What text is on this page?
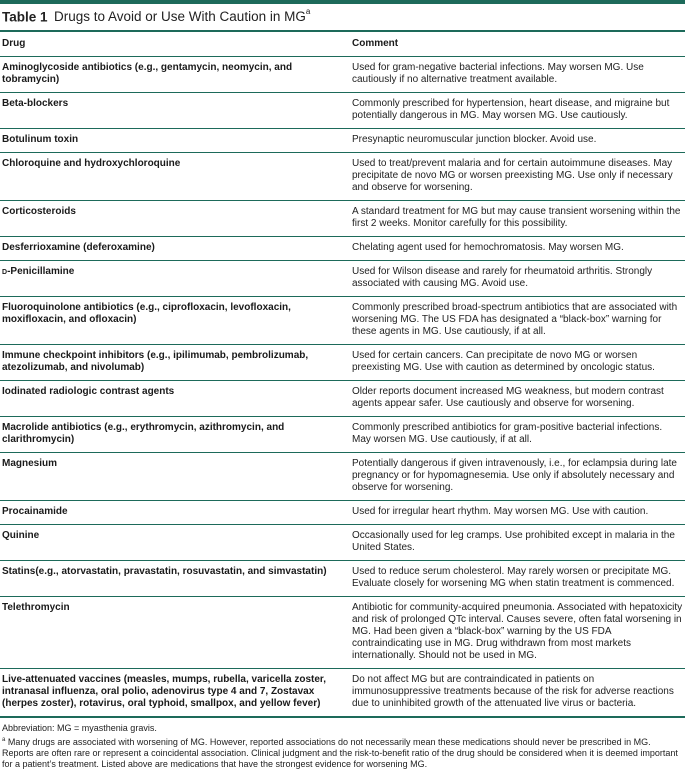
Table 1 Drugs to Avoid or Use With Caution in $MG^a$
Drug	Comment
Aminoglycoside antibiotics (e.g., gentamycin, neomycin, and tobramycin)	Used for gram-negative bacterial infections. May worsen MG. Use cautiously if no alternative treatment available.
Beta-blockers	Commonly prescribed for hypertension, heart disease, and migraine but potentially dangerous in MG. May worsen MG. Use cautiously.
Botulinum toxin	Presynaptic neuromuscular junction blocker. Avoid use.
Chloroquine and hydroxychloroquine	Used to treat/prevent malaria and for certain autoimmune diseases. May precipitate de novo MG or worsen preexisting MG. Use only if necessary and observe for worsening.
Corticosteroids	A standard treatment for MG but may cause transient worsening within the first 2 weeks. Monitor carefully for this possibility.
Desferrioxamine (deferoxamine)	Chelating agent used for hemochromatosis. May worsen MG.
d-Penicillamine	Used for Wilson disease and rarely for rheumatoid arthritis. Strongly associated with causing MG. Avoid use.
Fluoroquinolone antibiotics (e.g., ciprofloxacin, levofloxacin, moxifloxacin, and ofloxacin)	Commonly prescribed broad-spectrum antibiotics that are associated with worsening MG. The US FDA has designated a “black-box” warning for these agents in MG. Use cautiously, if at all.
Immune checkpoint inhibitors (e.g., ipilimumab, pembrolizumab, atezolizumab, and nivolumab)	Used for certain cancers. Can precipitate de novo MG or worsen preexisting MG. Use with caution as determined by oncologic status.
Iodinated radiologic contrast agents	Older reports document increased MG weakness, but modern contrast agents appear safer. Use cautiously and observe for worsening.
Macrolide antibiotics (e.g., erythromycin, azithromycin, and clarithromycin)	Commonly prescribed antibiotics for gram-positive bacterial infections. May worsen MG. Use cautiously, if at all.
Magnesium	Potentially dangerous if given intravenously, i.e., for eclampsia during late pregnancy or for hypomagnesemia. Use only if absolutely necessary and observe for worsening.
Procainamide	Used for irregular heart rhythm. May worsen MG. Use with caution.
Quinine	Occasionally used for leg cramps. Use prohibited except in malaria in the United States.
Statins(e.g., atorvastatin, pravastatin, rosuvastatin, and simvastatin)	Used to reduce serum cholesterol. May rarely worsen or precipitate MG. Evaluate closely for worsening MG when statin treatment is commenced.
Telethromycin	Antibiotic for community-acquired pneumonia. Associated with hepatoxicity and risk of prolonged QTc interval. Causes severe, often fatal worsening in MG. Had been given a “black-box” warning by the US FDA contraindicating use in MG. Drug withdrawn from most markets internationally. Should not be used in MG.
Live-attenuated vaccines (measles, mumps, rubella, varicella zoster, intranasal influenza, oral polio, adenovirus type 4 and 7, Zostavax (herpes zoster), rotavirus, oral typhoid, smallpox, and yellow fever)	Do not affect MG but are contraindicated in patients on immunosuppressive treatments because of the risk for adverse reactions due to uninhibited growth of the attenuated live virus or bacteria.
Abbreviation: MG = myasthenia gravis.
$^a$ Many drugs are associated with worsening of MG. However, reported associations do not necessarily mean these medications should never be prescribed in MG. Reports are often rare or represent a coincidental association. Clinical judgment and the risk-to-benefit ratio of the drug should be considered when it is deemed important for a patient’s treatment. Listed above are medications that have the strongest evidence for worsening MG.
